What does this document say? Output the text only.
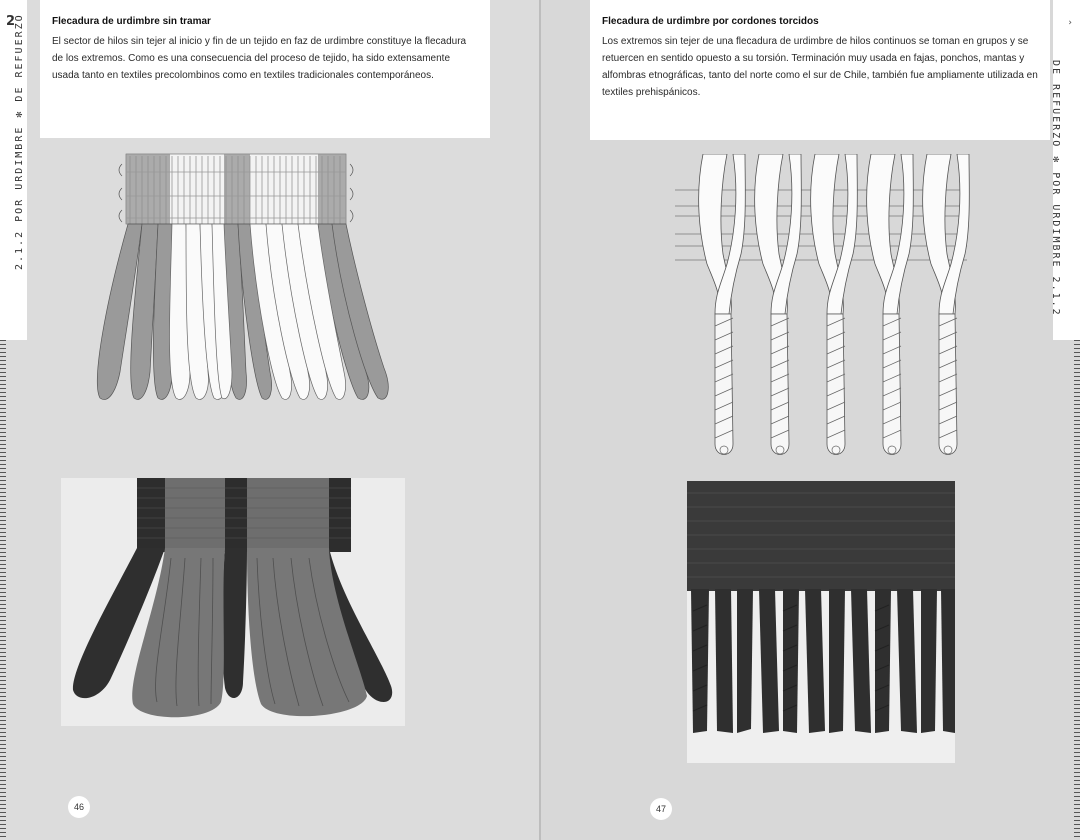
2
2.1.2 POR URDIMBRE ✻ DE REFUERZO	Flecadura de urdimbre sin tramar

El sector de hilos sin tejer al inicio y fin de un tejido en faz de urdimbre constituye la flecadura de los extremos. Como es una consecuencia del proceso de tejido, ha sido extensamente usada tanto en textiles precolombinos como en textiles tradicionales contemporáneos.

46
›
DE REFUERZO ✻ POR URDIMBRE 2.1.2
Flecadura de urdimbre por cordones torcidos

Los extremos sin tejer de una flecadura de urdimbre de hilos continuos se toman en grupos y se retuercen en sentido opuesto a su torsión. Terminación muy usada en fajas, ponchos, mantas y alfombras etnográficas, tanto del norte como el sur de Chile, también fue ampliamente utilizada en textiles prehispánicos.

47
